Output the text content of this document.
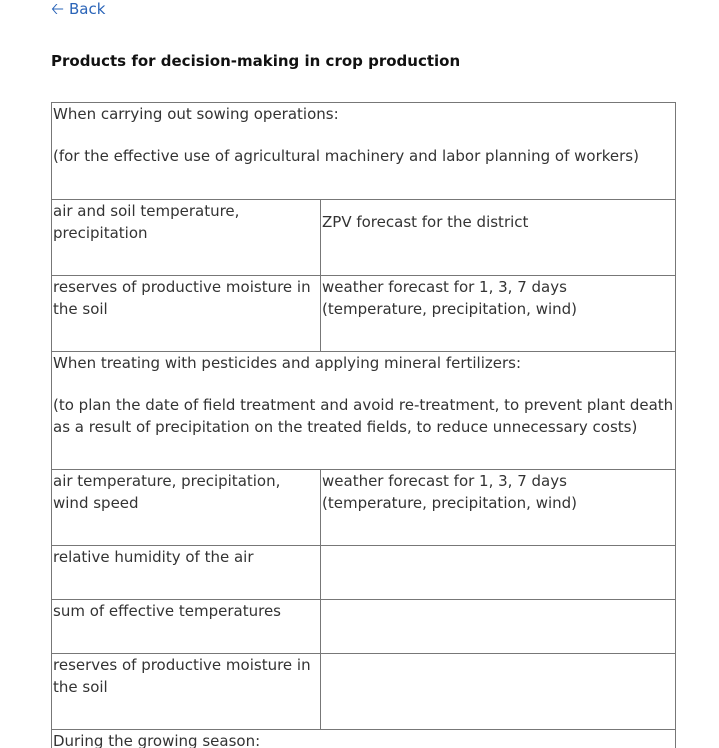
🡠 Back
Products for decision-making in crop production

When carrying out sowing operations:

(for the effective use of agricultural machinery and labor planning of workers)	

air and soil temperature, precipitation	ZPV forecast for the district
reserves of productive moisture in the soil	weather forecast for 1, 3, 7 days (temperature, precipitation, wind)

When treating with pesticides and applying mineral fertilizers:

(to plan the date of field treatment and avoid re-treatment, to prevent plant death as a result of precipitation on the treated fields, to reduce unnecessary costs)	

air temperature, precipitation, wind speed	weather forecast for 1, 3, 7 days (temperature, precipitation, wind)
relative humidity of the air	
sum of effective temperatures	
reserves of productive moisture in the soil	

During the growing season:	
